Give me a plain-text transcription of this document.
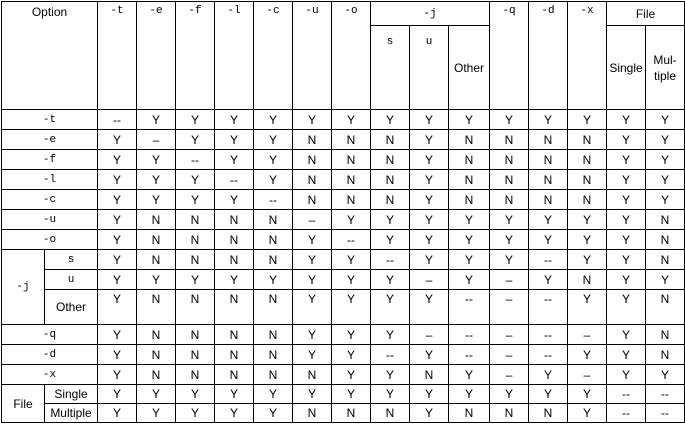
Option		-t	-e	-f	-l	-c	-u	-o	-j			-q	-d	-x	File	
									s	u	Other				Single	Mul-tiple
-t		--	Y	Y	Y	Y	Y	Y	Y	Y	Y	Y	Y	Y	Y	Y
-e		Y	–	Y	Y	Y	N	N	N	Y	N	N	N	N	Y	Y
-f		Y	Y	--	Y	Y	N	N	N	Y	N	N	N	N	Y	Y
-l		Y	Y	Y	--	Y	N	N	N	Y	N	N	N	N	Y	Y
-c		Y	Y	Y	Y	--	N	N	N	Y	N	N	N	N	Y	Y
-u		Y	N	N	N	N	–	Y	Y	Y	Y	Y	Y	Y	Y	N
-o		Y	N	N	N	N	Y	--	Y	Y	Y	Y	Y	Y	Y	N
-j	s	Y	N	N	N	N	Y	Y	--	Y	Y	Y	--	Y	Y	N
	u	Y	Y	Y	Y	Y	Y	Y	Y	–	Y	–	Y	N	Y	Y
	Other	Y	N	N	N	N	Y	Y	Y	Y	--	–	--	Y	Y	N
-q		Y	N	N	N	N	Y	Y	Y	–	--	–	--	–	Y	N
-d		Y	N	N	N	N	Y	Y	--	Y	--	–	--	Y	Y	N
-x		Y	N	N	N	N	N	Y	Y	N	Y	–	Y	–	Y	Y
File	Single	Y	Y	Y	Y	Y	Y	Y	Y	Y	Y	Y	Y	Y	--	--
	Multiple	Y	Y	Y	Y	Y	N	N	N	Y	N	N	N	Y	--	--
